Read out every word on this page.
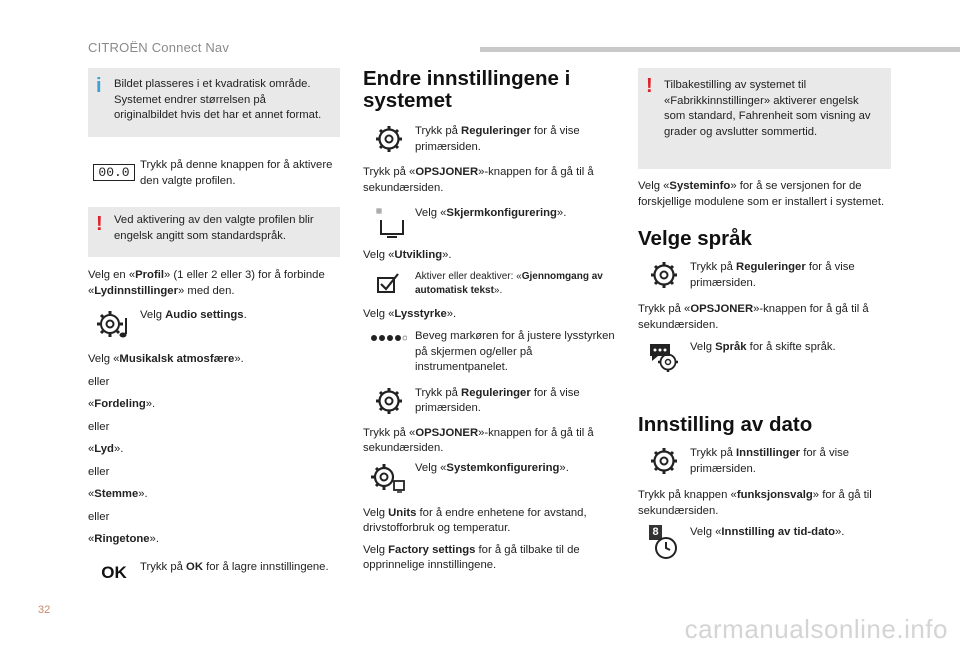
CITROËN Connect Nav
32
carmanualsonline.info
i Bildet plasseres i et kvadratisk område. Systemet endrer størrelsen på originalbildet hvis det har et annet format.

00.0 Trykk på denne knappen for å aktivere den valgte profilen.

! Ved aktivering av den valgte profilen blir engelsk angitt som standardspråk.

Velg en «Profil» (1 eller 2 eller 3) for å forbinde «Lydinnstillinger» med den.

Velg Audio settings.

Velg «Musikalsk atmosfære».

eller

«Fordeling».

eller

«Lyd».

eller

«Stemme».

eller

«Ringetone».

OK Trykk på OK for å lagre innstillingene.

Endre innstillingene i systemet

Trykk på Reguleringer for å vise primærsiden.

Trykk på «OPSJONER»-knappen for å gå til å sekundærsiden.

Velg «Skjermkonfigurering».

Velg «Utvikling».

Aktiver eller deaktiver: «Gjennomgang av automatisk tekst».

Velg «Lysstyrke».

Beveg markøren for å justere lysstyrken på skjermen og/eller på instrumentpanelet.

Trykk på Reguleringer for å vise primærsiden.

Trykk på «OPSJONER»-knappen for å gå til å sekundærsiden.

Velg «Systemkonfigurering».

Velg Units for å endre enhetene for avstand, drivstofforbruk og temperatur.

Velg Factory settings for å gå tilbake til de opprinnelige innstillingene.

! Tilbakestilling av systemet til «Fabrikkinnstillinger» aktiverer engelsk som standard, Fahrenheit som visning av grader og avslutter sommertid.

Velg «Systeminfo» for å se versjonen for de forskjellige modulene som er installert i systemet.

Velge språk

Trykk på Reguleringer for å vise primærsiden.

Trykk på «OPSJONER»-knappen for å gå til å sekundærsiden.

Velg Språk for å skifte språk.

Innstilling av dato

Trykk på Innstillinger for å vise primærsiden.

Trykk på knappen «funksjonsvalg» for å gå til sekundærsiden.

8	Velg «Innstilling av tid-dato».
